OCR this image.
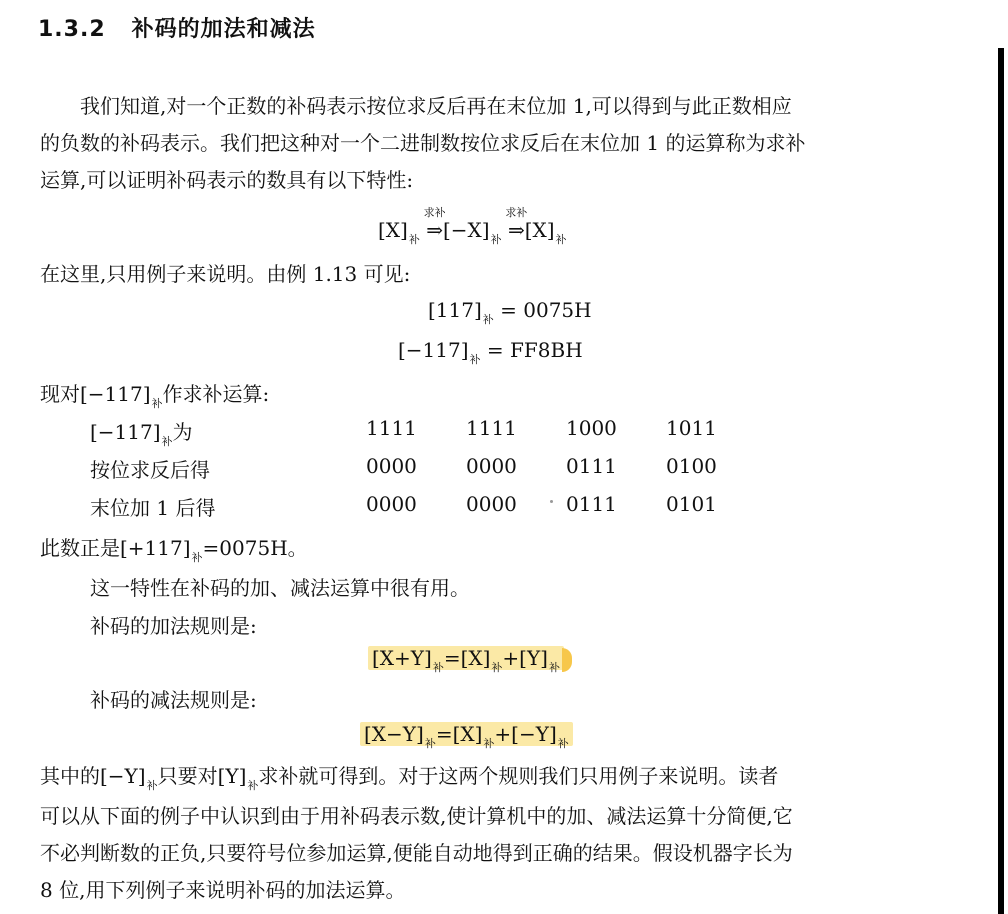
1.3.2 补码的加法和减法
我们知道,对一个正数的补码表示按位求反后再在末位加 1,可以得到与此正数相应
的负数的补码表示。我们把这种对一个二进制数按位求反后在末位加 1 的运算称为求补
运算,可以证明补码表示的数具有以下特性:
$[X]_补$
求补
$\Rightarrow[-X]_补$
求补
$\Rightarrow[X]_补$
在这里,只用例子来说明。由例 1.13 可见:
$[117]_补 = 0075H$
$[-117]_补 = FF8BH$
现对$[-117]_补$作求补运算:
$[-117]_补$为	1111 1111 1000 1011
按位求反后得	0000 0000 0111 0100
末位加 1 后得	0000 0000 0111 0101
此数正是$[+117]_补=0075H$。
这一特性在补码的加、减法运算中很有用。
补码的加法规则是:
$[X+Y]_补=[X]_补+[Y]_补$
补码的减法规则是:
$[X-Y]_补=[X]_补+[-Y]_补$
其中的$[-Y]_补$只要对$[Y]_补$求补就可得到。对于这两个规则我们只用例子来说明。读者
可以从下面的例子中认识到由于用补码表示数,使计算机中的加、减法运算十分简便,它
不必判断数的正负,只要符号位参加运算,便能自动地得到正确的结果。假设机器字长为
8 位,用下列例子来说明补码的加法运算。
